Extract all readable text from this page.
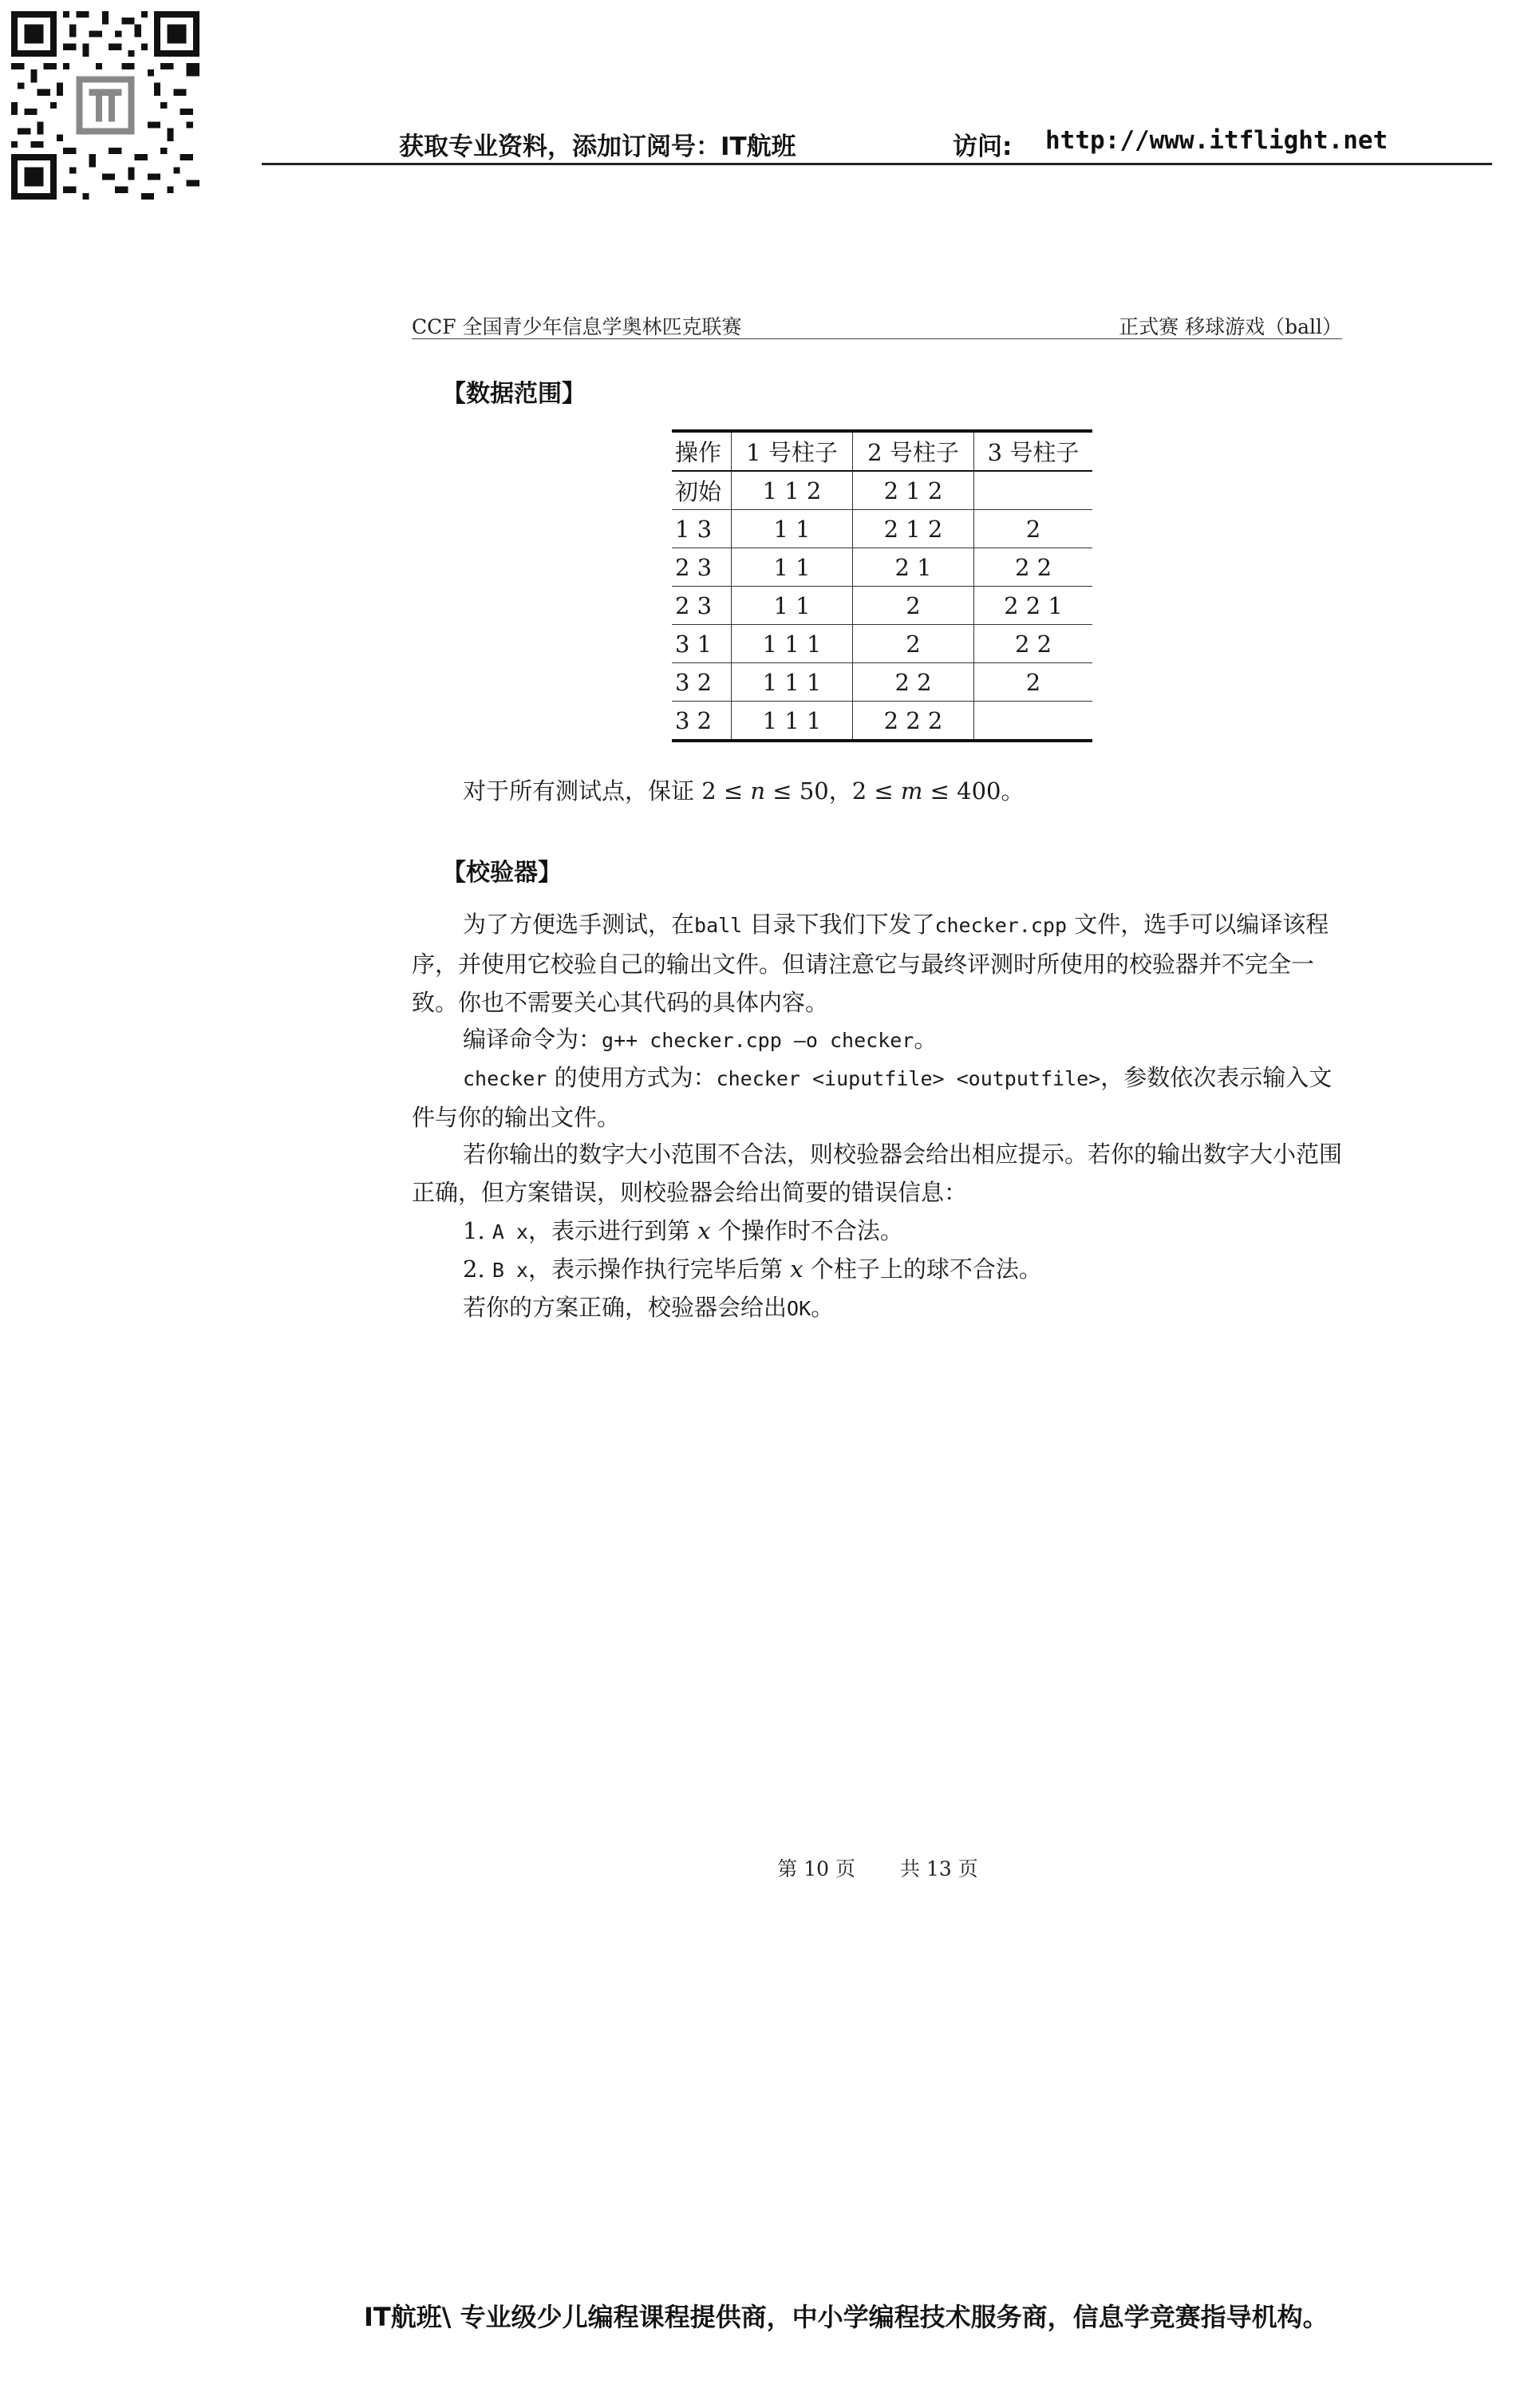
获取专业资料，添加订阅号：IT航班	访问: http://www.itflight.net
CCF 全国青少年信息学奥林匹克联赛	正式赛 移球游戏（ball）
【数据范围】
操作	1 号柱子	2 号柱子	3 号柱子
初始	1 1 2	2 1 2	
1 3	1 1	2 1 2	2
2 3	1 1	2 1	2 2
2 3	1 1	2	2 2 1
3 1	1 1 1	2	2 2
3 2	1 1 1	2 2	2
3 2	1 1 1	2 2 2	

对于所有测试点，保证 2 ≤ n ≤ 50，2 ≤ m ≤ 400。

【校验器】

为了方便选手测试，在ball 目录下我们下发了checker.cpp 文件，选手可以编译该程序，并使用它校验自己的输出文件。但请注意它与最终评测时所使用的校验器并不完全一致。你也不需要关心其代码的具体内容。

编译命令为：g++ checker.cpp —o checker。

checker 的使用方式为：checker <iuputfile> <outputfile>，参数依次表示输入文件与你的输出文件。

若你输出的数字大小范围不合法，则校验器会给出相应提示。若你的输出数字大小范围正确，但方案错误，则校验器会给出简要的错误信息：

1. A x，表示进行到第 x 个操作时不合法。

2. B x，表示操作执行完毕后第 x 个柱子上的球不合法。

若你的方案正确，校验器会给出OK。

第 10 页 共 13 页
IT航班\ 专业级少儿编程课程提供商，中小学编程技术服务商，信息学竞赛指导机构。
